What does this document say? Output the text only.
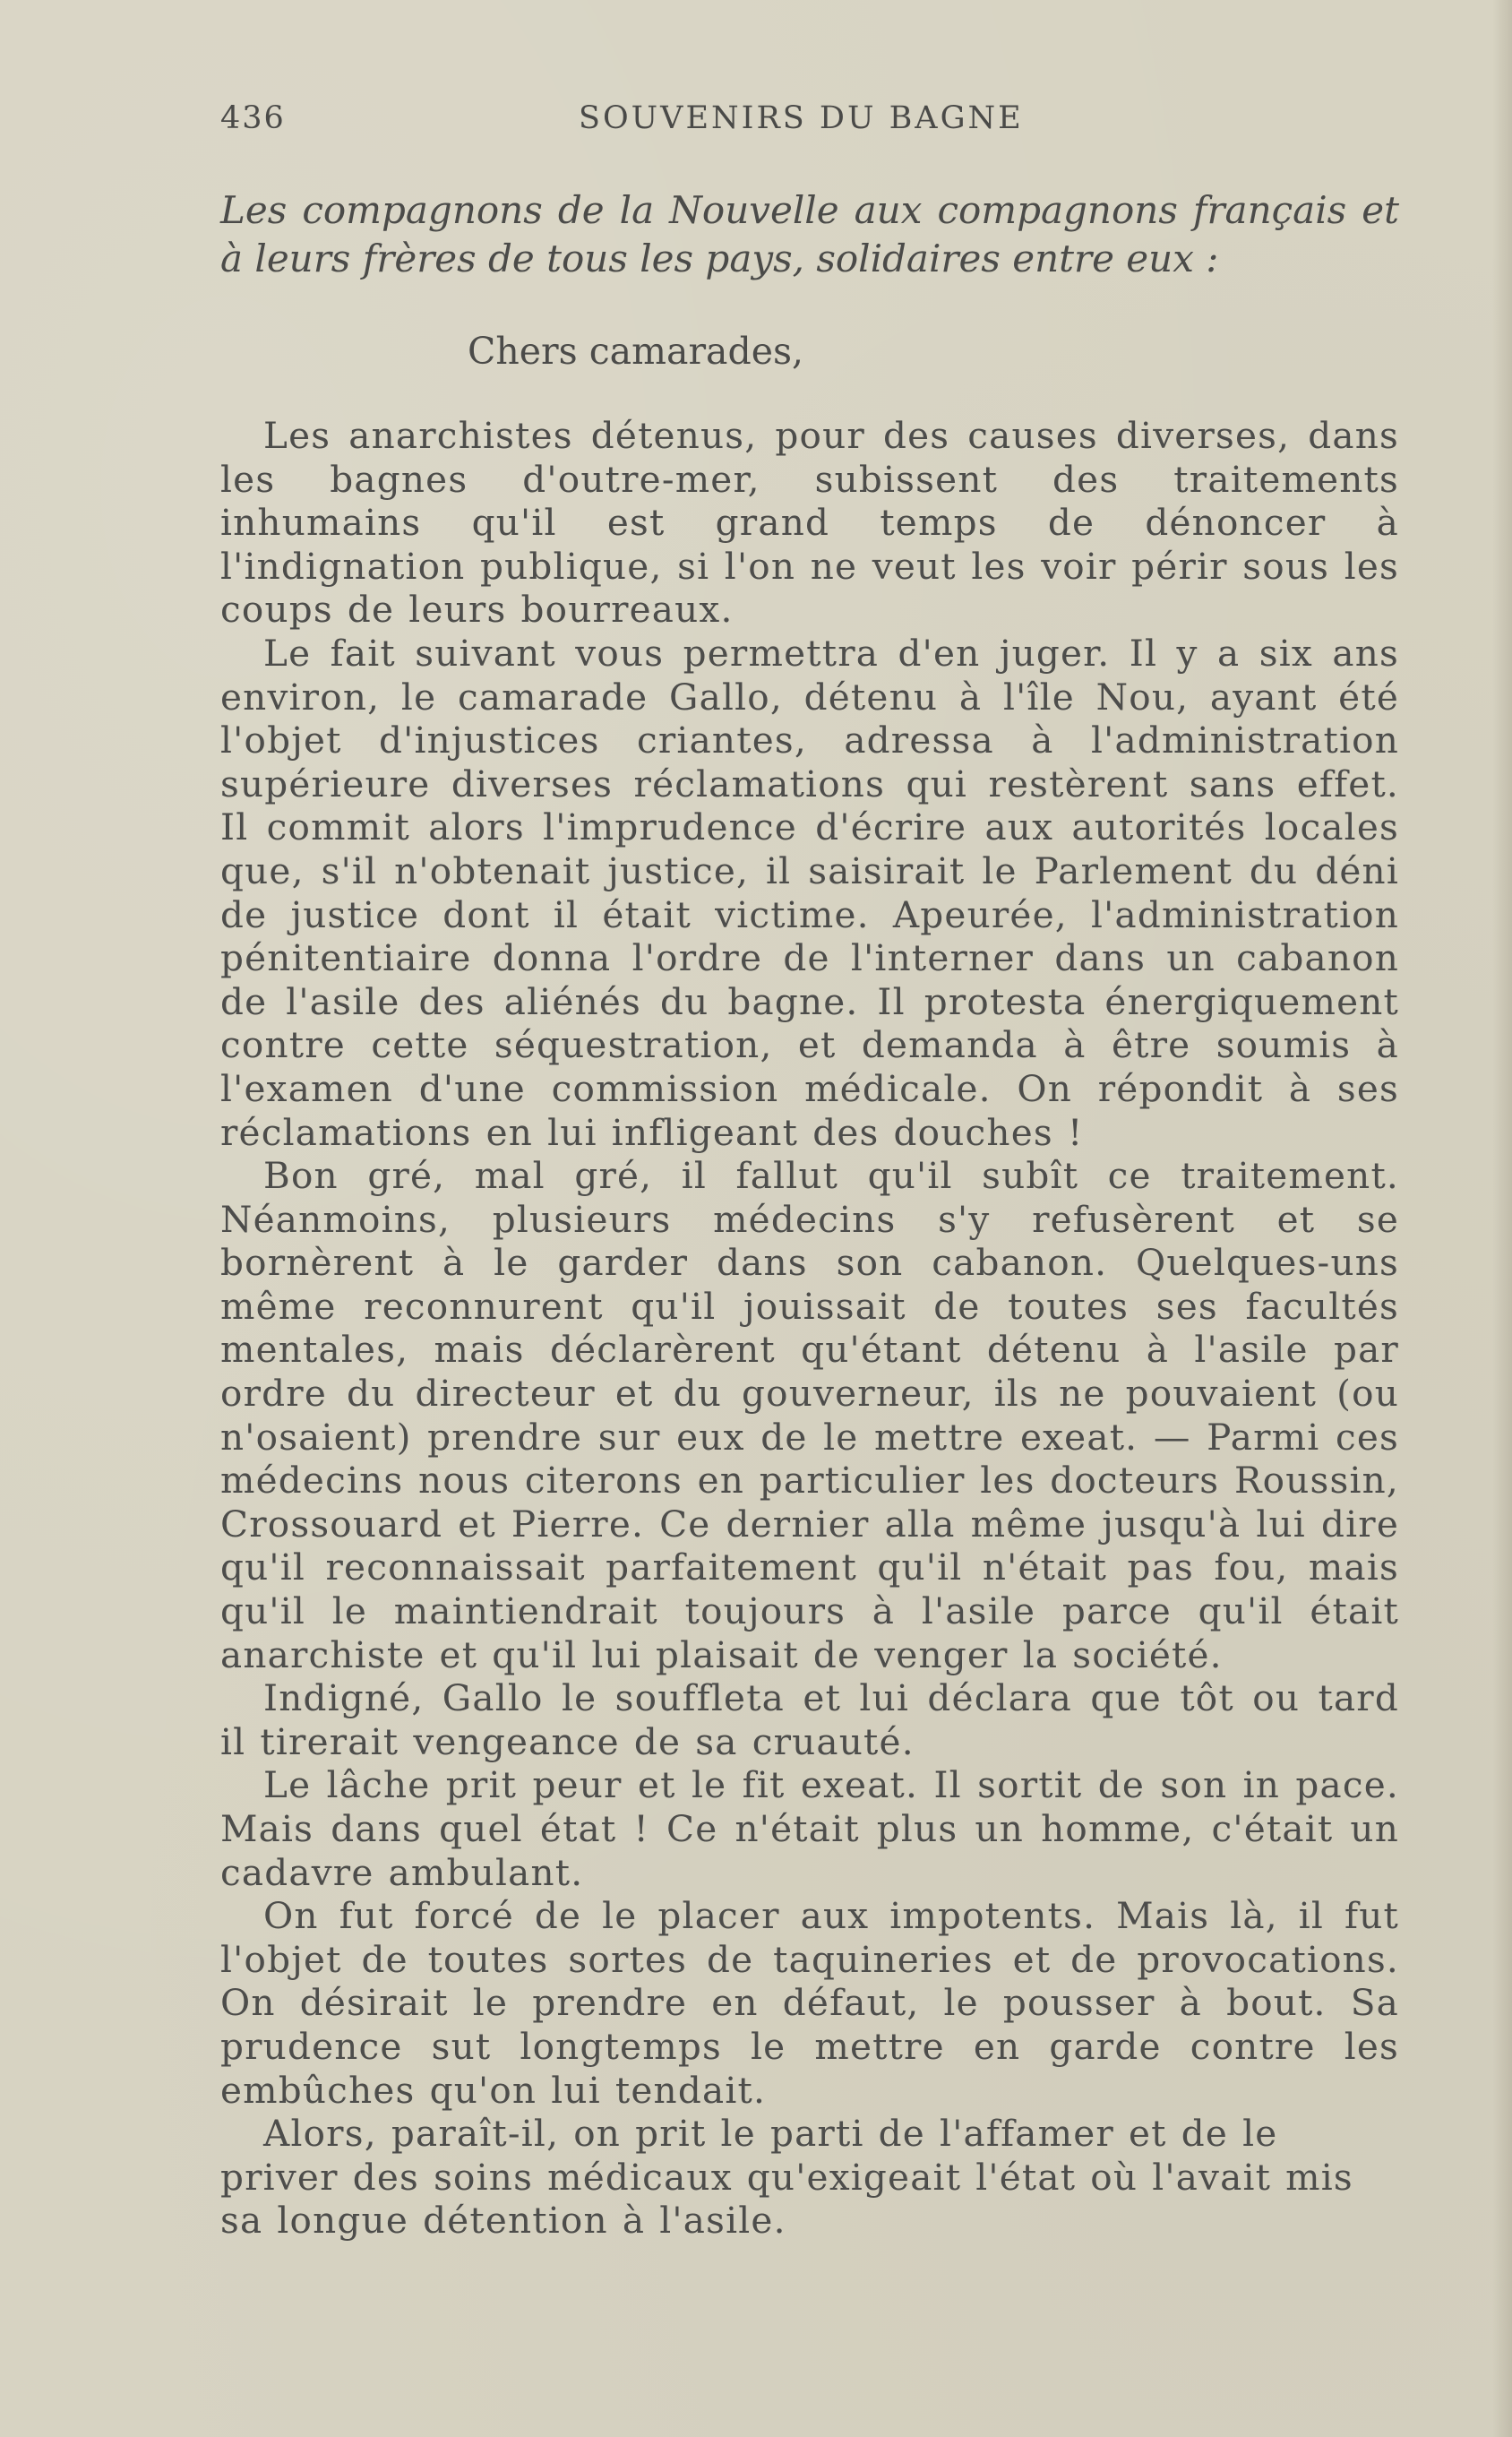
436	SOUVENIRS DU BAGNE
Les compagnons de la Nouvelle aux compagnons français et à leurs frères de tous les pays, solidaires entre eux :
Chers camarades,

Les anarchistes détenus, pour des causes diverses, dans les bagnes d'outre-mer, subissent des traitements inhumains qu'il est grand temps de dénoncer à l'indignation publique, si l'on ne veut les voir périr sous les coups de leurs bourreaux.

Le fait suivant vous permettra d'en juger. Il y a six ans environ, le camarade Gallo, détenu à l'île Nou, ayant été l'objet d'injustices criantes, adressa à l'administration supérieure diverses réclamations qui restèrent sans effet. Il commit alors l'imprudence d'écrire aux autorités locales que, s'il n'obtenait justice, il saisirait le Parlement du déni de justice dont il était victime. Apeurée, l'administration pénitentiaire donna l'ordre de l'interner dans un cabanon de l'asile des aliénés du bagne. Il protesta énergiquement contre cette séquestration, et demanda à être soumis à l'examen d'une commission médicale. On répondit à ses réclamations en lui infligeant des douches !

Bon gré, mal gré, il fallut qu'il subît ce traitement. Néanmoins, plusieurs médecins s'y refusèrent et se bornèrent à le garder dans son cabanon. Quelques-uns même reconnurent qu'il jouissait de toutes ses facultés mentales, mais déclarèrent qu'étant détenu à l'asile par ordre du directeur et du gouverneur, ils ne pouvaient (ou n'osaient) prendre sur eux de le mettre exeat. — Parmi ces médecins nous citerons en particulier les docteurs Roussin, Crossouard et Pierre. Ce dernier alla même jusqu'à lui dire qu'il reconnaissait parfaitement qu'il n'était pas fou, mais qu'il le maintiendrait toujours à l'asile parce qu'il était anarchiste et qu'il lui plaisait de venger la société.

Indigné, Gallo le souffleta et lui déclara que tôt ou tard il tirerait vengeance de sa cruauté.

Le lâche prit peur et le fit exeat. Il sortit de son in pace. Mais dans quel état ! Ce n'était plus un homme, c'était un cadavre ambulant.

On fut forcé de le placer aux impotents. Mais là, il fut l'objet de toutes sortes de taquineries et de provocations. On désirait le prendre en défaut, le pousser à bout. Sa prudence sut longtemps le mettre en garde contre les embûches qu'on lui tendait.

Alors, paraît-il, on prit le parti de l'affamer et de le priver des soins médicaux qu'exigeait l'état où l'avait mis sa longue détention à l'asile.
